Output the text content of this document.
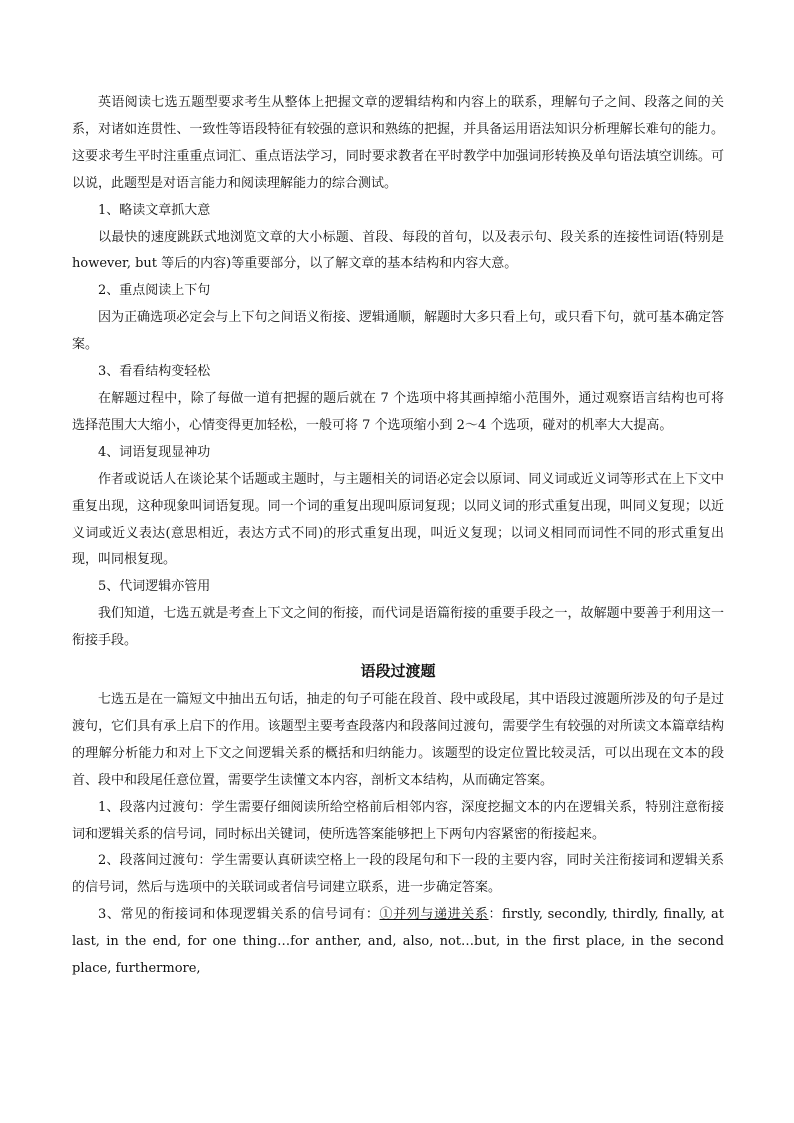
英语阅读七选五题型要求考生从整体上把握文章的逻辑结构和内容上的联系，理解句子之间、段落之间的关系，对诸如连贯性、一致性等语段特征有较强的意识和熟练的把握，并具备运用语法知识分析理解长难句的能力。这要求考生平时注重重点词汇、重点语法学习，同时要求教者在平时教学中加强词形转换及单句语法填空训练。可以说，此题型是对语言能力和阅读理解能力的综合测试。

1、略读文章抓大意

以最快的速度跳跃式地浏览文章的大小标题、首段、每段的首句，以及表示句、段关系的连接性词语(特别是 however, but 等后的内容)等重要部分，以了解文章的基本结构和内容大意。

2、重点阅读上下句

因为正确选项必定会与上下句之间语义衔接、逻辑通顺，解题时大多只看上句，或只看下句，就可基本确定答案。

3、看看结构变轻松

在解题过程中，除了每做一道有把握的题后就在 7 个选项中将其画掉缩小范围外，通过观察语言结构也可将选择范围大大缩小，心情变得更加轻松，一般可将 7 个选项缩小到 2～4 个选项，碰对的机率大大提高。

4、词语复现显神功

作者或说话人在谈论某个话题或主题时，与主题相关的词语必定会以原词、同义词或近义词等形式在上下文中重复出现，这种现象叫词语复现。同一个词的重复出现叫原词复现；以同义词的形式重复出现，叫同义复现；以近义词或近义表达(意思相近，表达方式不同)的形式重复出现，叫近义复现；以词义相同而词性不同的形式重复出现，叫同根复现。

5、代词逻辑亦管用

我们知道，七选五就是考查上下文之间的衔接，而代词是语篇衔接的重要手段之一，故解题中要善于利用这一衔接手段。

语段过渡题

七选五是在一篇短文中抽出五句话，抽走的句子可能在段首、段中或段尾，其中语段过渡题所涉及的句子是过渡句，它们具有承上启下的作用。该题型主要考查段落内和段落间过渡句，需要学生有较强的对所读文本篇章结构的理解分析能力和对上下文之间逻辑关系的概括和归纳能力。该题型的设定位置比较灵活，可以出现在文本的段首、段中和段尾任意位置，需要学生读懂文本内容，剖析文本结构，从而确定答案。

1、段落内过渡句：学生需要仔细阅读所给空格前后相邻内容，深度挖掘文本的内在逻辑关系，特别注意衔接词和逻辑关系的信号词，同时标出关键词，使所选答案能够把上下两句内容紧密的衔接起来。

2、段落间过渡句：学生需要认真研读空格上一段的段尾句和下一段的主要内容，同时关注衔接词和逻辑关系的信号词，然后与选项中的关联词或者信号词建立联系，进一步确定答案。

3、常见的衔接词和体现逻辑关系的信号词有：①并列与递进关系：firstly, secondly, thirdly, finally, at last, in the end, for one thing…for anther, and, also, not…but, in the first place, in the second place, furthermore,
